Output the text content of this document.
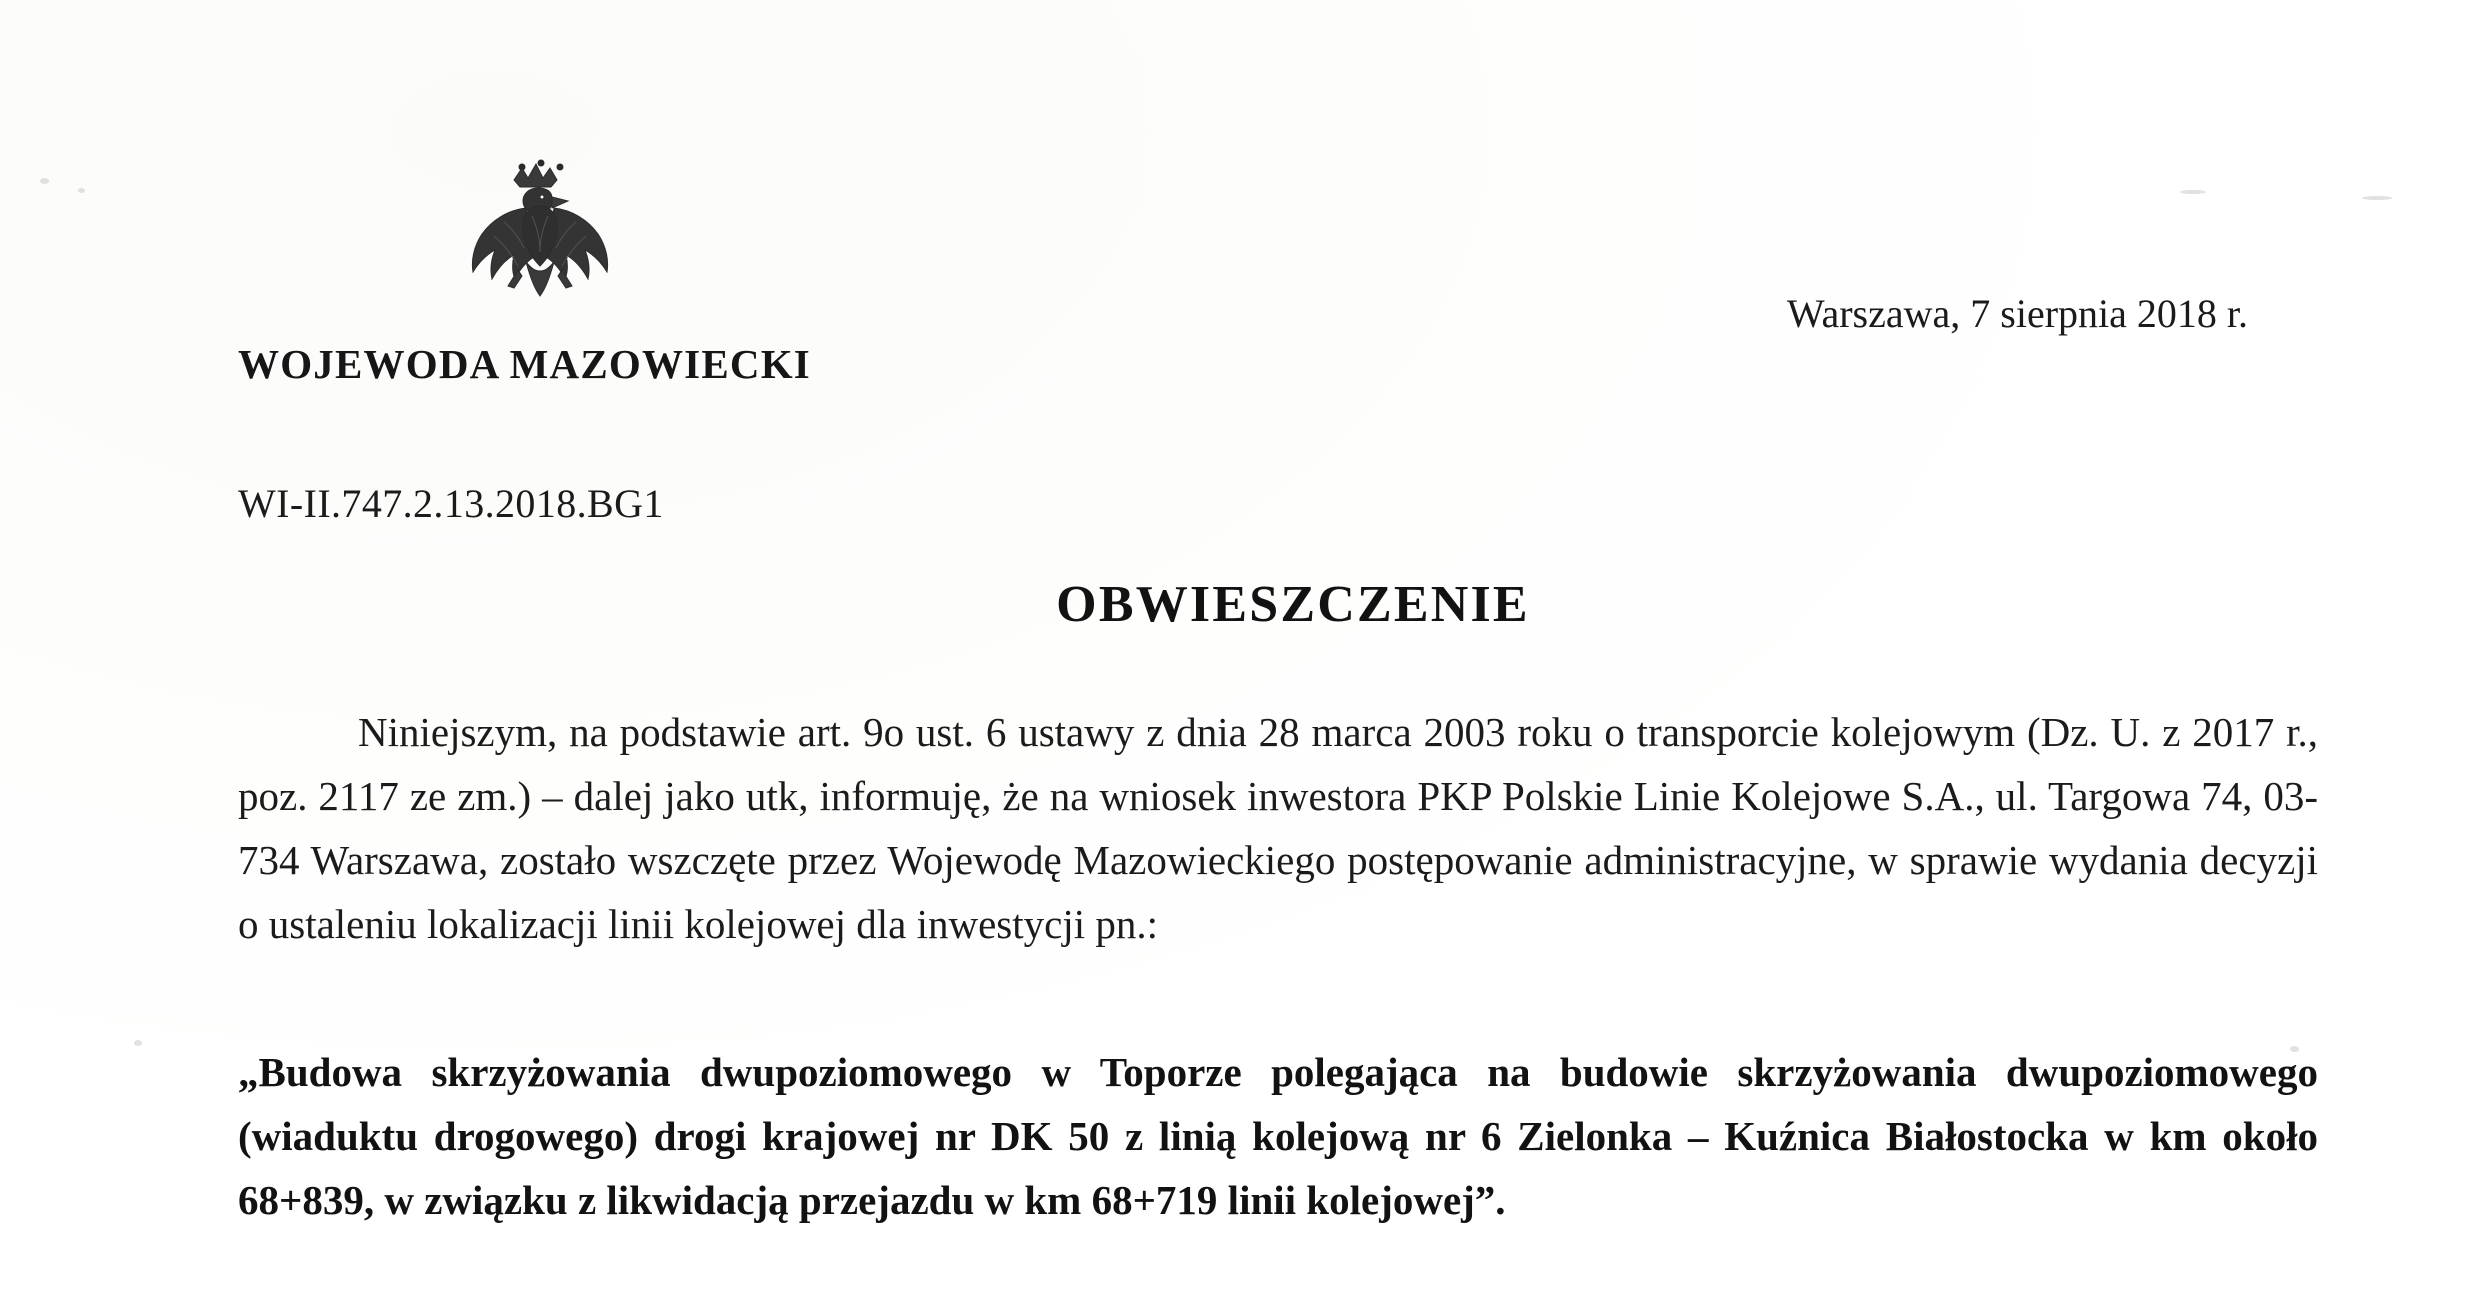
WOJEWODA MAZOWIECKI
Warszawa, 7 sierpnia 2018 r.
WI-II.747.2.13.2018.BG1
OBWIESZCZENIE

Niniejszym, na podstawie art. 9o ust. 6 ustawy z dnia 28 marca 2003 roku o transporcie kolejowym (Dz. U. z 2017 r., poz. 2117 ze zm.) – dalej jako utk, informuję, że na wniosek inwestora PKP Polskie Linie Kolejowe S.A., ul. Targowa 74, 03-734 Warszawa, zostało wszczęte przez Wojewodę Mazowieckiego postępowanie administracyjne, w sprawie wydania decyzji o ustaleniu lokalizacji linii kolejowej dla inwestycji pn.:

„Budowa skrzyżowania dwupoziomowego w Toporze polegająca na budowie skrzyżowania dwupoziomowego (wiaduktu drogowego) drogi krajowej nr DK 50 z linią kolejową nr 6 Zielonka – Kuźnica Białostocka w km około 68+839, w związku z likwidacją przejazdu w km 68+719 linii kolejowej”.
